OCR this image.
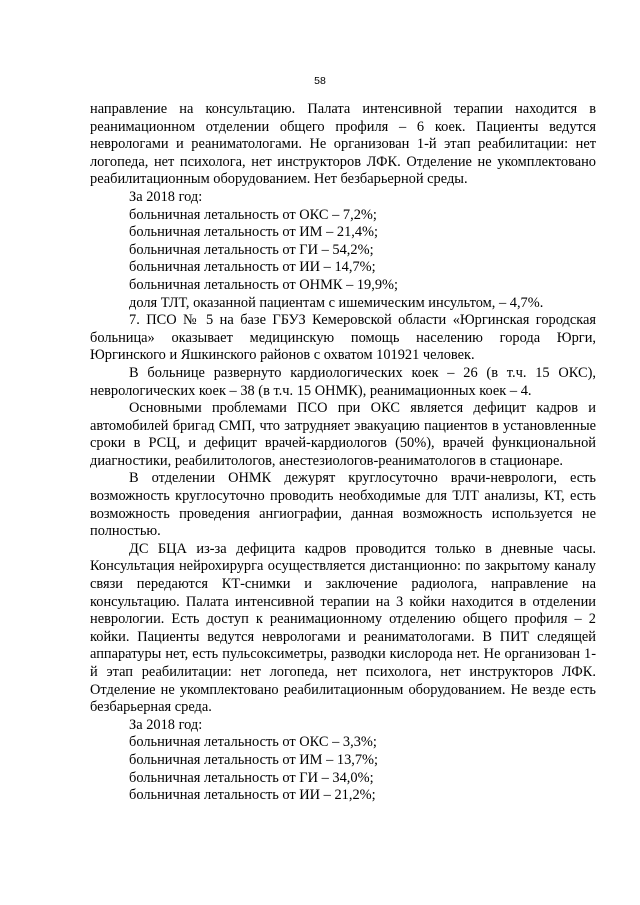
58

направление на консультацию. Палата интенсивной терапии находится в реанимационном отделении общего профиля – 6 коек. Пациенты ведутся неврологами и реаниматологами. Не организован 1-й этап реабилитации: нет логопеда, нет психолога, нет инструкторов ЛФК. Отделение не укомплектовано реабилитационным оборудованием. Нет безбарьерной среды.

За 2018 год:

больничная летальность от ОКС – 7,2%;

больничная летальность от ИМ – 21,4%;

больничная летальность от ГИ – 54,2%;

больничная летальность от ИИ – 14,7%;

больничная летальность от ОНМК – 19,9%;

доля ТЛТ, оказанной пациентам с ишемическим инсультом, – 4,7%.

7. ПСО № 5 на базе ГБУЗ Кемеровской области «Юргинская городская больница» оказывает медицинскую помощь населению города Юрги, Юргинского и Яшкинского районов с охватом 101921 человек.

В больнице развернуто кардиологических коек – 26 (в т.ч. 15 ОКС), неврологических коек – 38 (в т.ч. 15 ОНМК), реанимационных коек – 4.

Основными проблемами ПСО при ОКС является дефицит кадров и автомобилей бригад СМП, что затрудняет эвакуацию пациентов в установленные сроки в РСЦ, и дефицит врачей-кардиологов (50%), врачей функциональной диагностики, реабилитологов, анестезиологов-реаниматологов в стационаре.

В отделении ОНМК дежурят круглосуточно врачи-неврологи, есть возможность круглосуточно проводить необходимые для ТЛТ анализы, КТ, есть возможность проведения ангиографии, данная возможность используется не полностью.

ДС БЦА из-за дефицита кадров проводится только в дневные часы. Консультация нейрохирурга осуществляется дистанционно: по закрытому каналу связи передаются КТ-снимки и заключение радиолога, направление на консультацию. Палата интенсивной терапии на 3 койки находится в отделении неврологии. Есть доступ к реанимационному отделению общего профиля – 2 койки. Пациенты ведутся неврологами и реаниматологами. В ПИТ следящей аппаратуры нет, есть пульсоксиметры, разводки кислорода нет. Не организован 1-й этап реабилитации: нет логопеда, нет психолога, нет инструкторов ЛФК. Отделение не укомплектовано реабилитационным оборудованием. Не везде есть безбарьерная среда.

За 2018 год:

больничная летальность от ОКС – 3,3%;

больничная летальность от ИМ – 13,7%;

больничная летальность от ГИ – 34,0%;

больничная летальность от ИИ – 21,2%;
